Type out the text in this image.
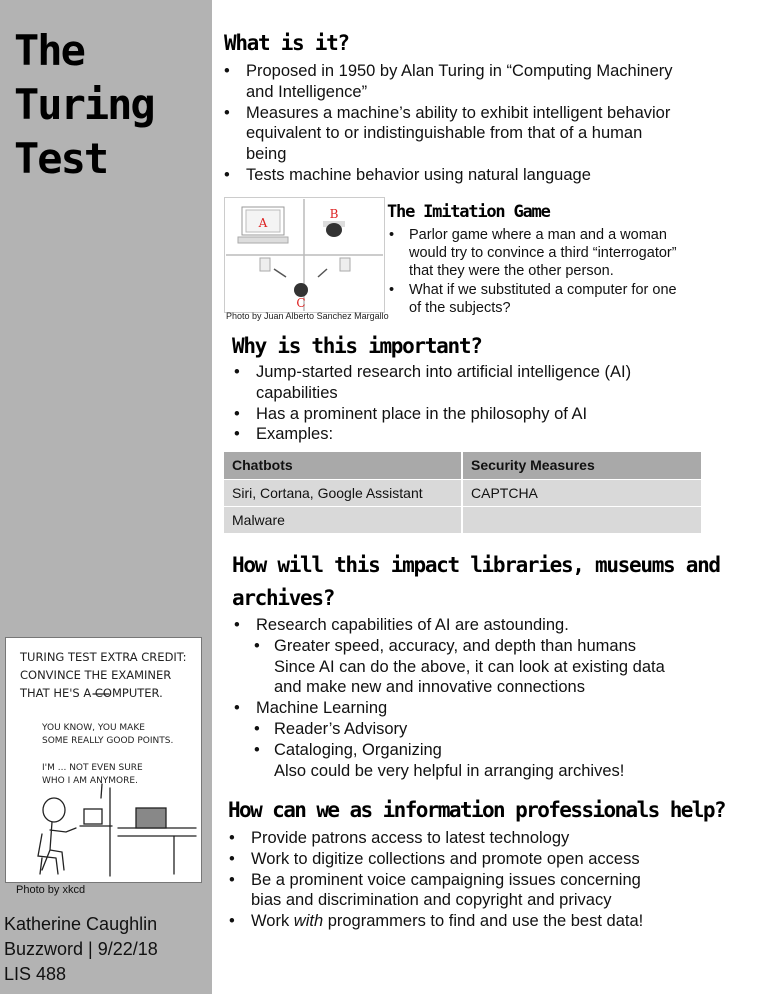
The
Turing
Test
TURING TEST EXTRA CREDIT:
CONVINCE THE EXAMINER
THAT HE'S A COMPUTER.
YOU KNOW, YOU MAKE
SOME REALLY GOOD POINTS.
I'M ... NOT EVEN SURE
WHO I AM ANYMORE.
Photo by xkcd
Katherine Caughlin
Buzzword | 9/22/18
LIS 488
What is it?
• Proposed in 1950 by Alan Turing in “Computing Machinery
and Intelligence”
• Measures a machine’s ability to exhibit intelligent behavior
equivalent to or indistinguishable from that of a human
being
• Tests machine behavior using natural language
A
B
C
Photo by Juan Alberto Sanchez Margallo
The Imitation Game
• Parlor game where a man and a woman
would try to convince a third “interrogator”
that they were the other person.
• What if we substituted a computer for one
of the subjects?
Why is this important?
• Jump-started research into artificial intelligence (AI)
capabilities
• Has a prominent place in the philosophy of AI
• Examples:
Chatbots	Security Measures
Siri, Cortana, Google Assistant	CAPTCHA
Malware	
How will this impact libraries, museums and
archives?
• Research capabilities of AI are astounding.
• Greater speed, accuracy, and depth than humans
Since AI can do the above, it can look at existing data
and make new and innovative connections
• Machine Learning
• Reader’s Advisory
• Cataloging, Organizing
Also could be very helpful in arranging archives!
How can we as information professionals help?
• Provide patrons access to latest technology
• Work to digitize collections and promote open access
• Be a prominent voice campaigning issues concerning
bias and discrimination and copyright and privacy
• Work with programmers to find and use the best data!
